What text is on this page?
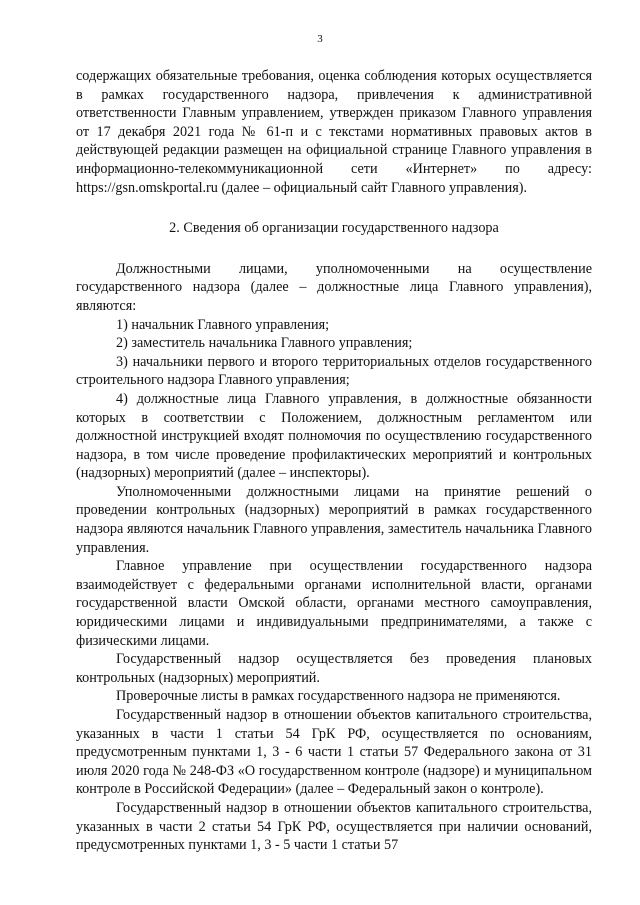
3

содержащих обязательные требования, оценка соблюдения которых осуществляется в рамках государственного надзора, привлечения к административной ответственности Главным управлением, утвержден приказом Главного управления от 17 декабря 2021 года № 61-п и с текстами нормативных правовых актов в действующей редакции размещен на официальной странице Главного управления в информационно-телекоммуникационной сети «Интернет» по адресу: https://gsn.omskportal.ru (далее – официальный сайт Главного управления).

2. Сведения об организации государственного надзора

Должностными лицами, уполномоченными на осуществление государственного надзора (далее – должностные лица Главного управления), являются:

1) начальник Главного управления;

2) заместитель начальника Главного управления;

3) начальники первого и второго территориальных отделов государственного строительного надзора Главного управления;

4) должностные лица Главного управления, в должностные обязанности которых в соответствии с Положением, должностным регламентом или должностной инструкцией входят полномочия по осуществлению государственного надзора, в том числе проведение профилактических мероприятий и контрольных (надзорных) мероприятий (далее – инспекторы).

Уполномоченными должностными лицами на принятие решений о проведении контрольных (надзорных) мероприятий в рамках государственного надзора являются начальник Главного управления, заместитель начальника Главного управления.

Главное управление при осуществлении государственного надзора взаимодействует с федеральными органами исполнительной власти, органами государственной власти Омской области, органами местного самоуправления, юридическими лицами и индивидуальными предпринимателями, а также с физическими лицами.

Государственный надзор осуществляется без проведения плановых контрольных (надзорных) мероприятий.

Проверочные листы в рамках государственного надзора не применяются.

Государственный надзор в отношении объектов капитального строительства, указанных в части 1 статьи 54 ГрК РФ, осуществляется по основаниям, предусмотренным пунктами 1, 3 - 6 части 1 статьи 57 Федерального закона от 31 июля 2020 года № 248-ФЗ «О государственном контроле (надзоре) и муниципальном контроле в Российской Федерации» (далее – Федеральный закон о контроле).

Государственный надзор в отношении объектов капитального строительства, указанных в части 2 статьи 54 ГрК РФ, осуществляется при наличии оснований, предусмотренных пунктами 1, 3 - 5 части 1 статьи 57
